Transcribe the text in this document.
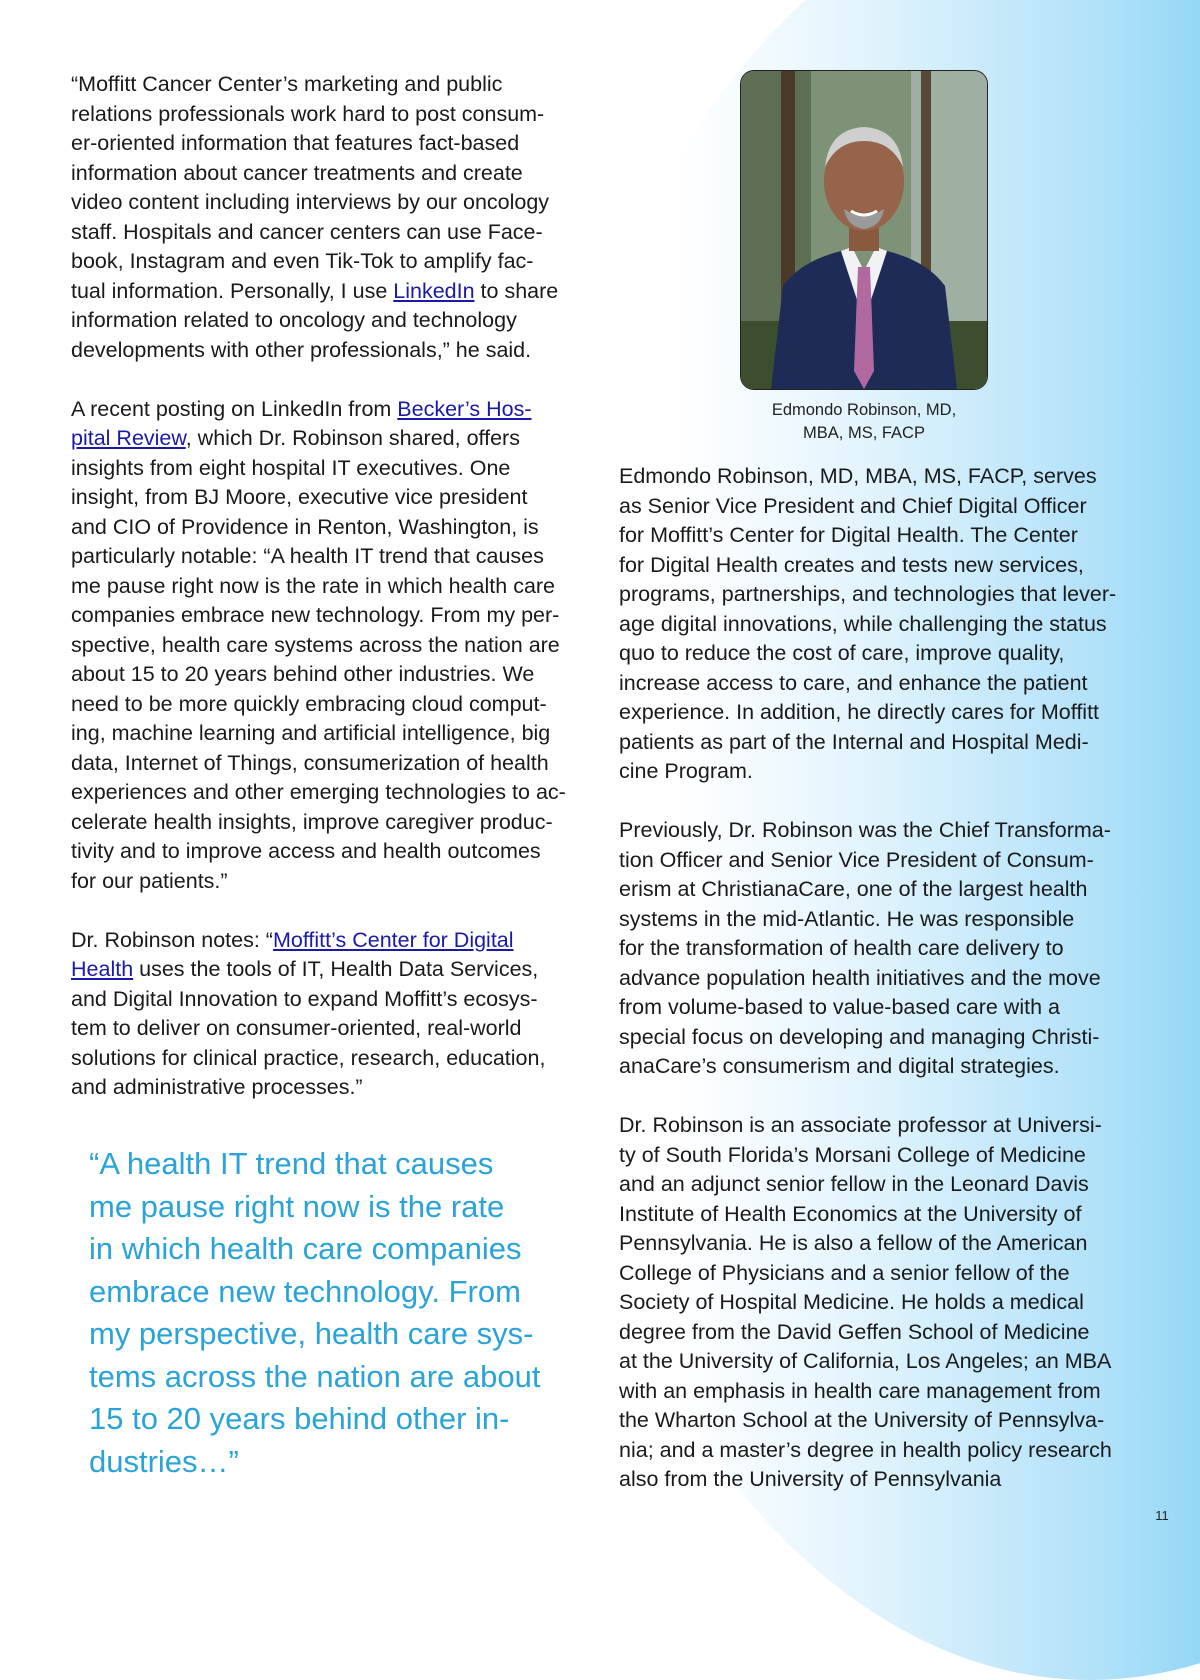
“Moffitt Cancer Center’s marketing and public
relations professionals work hard to post consum-
er-oriented information that features fact-based
information about cancer treatments and create
video content including interviews by our oncology
staff. Hospitals and cancer centers can use Face-
book, Instagram and even Tik-Tok to amplify fac-
tual information. Personally, I use LinkedIn to share
information related to oncology and technology
developments with other professionals,” he said.

A recent posting on LinkedIn from Becker’s Hos-
pital Review, which Dr. Robinson shared, offers
insights from eight hospital IT executives. One
insight, from BJ Moore, executive vice president
and CIO of Providence in Renton, Washington, is
particularly notable: “A health IT trend that causes
me pause right now is the rate in which health care
companies embrace new technology. From my per-
spective, health care systems across the nation are
about 15 to 20 years behind other industries. We
need to be more quickly embracing cloud comput-
ing, machine learning and artificial intelligence, big
data, Internet of Things, consumerization of health
experiences and other emerging technologies to ac-
celerate health insights, improve caregiver produc-
tivity and to improve access and health outcomes
for our patients.”

Dr. Robinson notes: “Moffitt’s Center for Digital
Health uses the tools of IT, Health Data Services,
and Digital Innovation to expand Moffitt’s ecosys-
tem to deliver on consumer-oriented, real-world
solutions for clinical practice, research, education,
and administrative processes.”

“A health IT trend that causes
me pause right now is the rate
in which health care companies
embrace new technology. From
my perspective, health care sys-
tems across the nation are about
15 to 20 years behind other in-
dustries…”

Edmondo Robinson, MD,
MBA, MS, FACP

Edmondo Robinson, MD, MBA, MS, FACP, serves
as Senior Vice President and Chief Digital Officer
for Moffitt’s Center for Digital Health. The Center
for Digital Health creates and tests new services,
programs, partnerships, and technologies that lever-
age digital innovations, while challenging the status
quo to reduce the cost of care, improve quality,
increase access to care, and enhance the patient
experience. In addition, he directly cares for Moffitt
patients as part of the Internal and Hospital Medi-
cine Program.

Previously, Dr. Robinson was the Chief Transforma-
tion Officer and Senior Vice President of Consum-
erism at ChristianaCare, one of the largest health
systems in the mid-Atlantic. He was responsible
for the transformation of health care delivery to
advance population health initiatives and the move
from volume-based to value-based care with a
special focus on developing and managing Christi-
anaCare’s consumerism and digital strategies.

Dr. Robinson is an associate professor at Universi-
ty of South Florida’s Morsani College of Medicine
and an adjunct senior fellow in the Leonard Davis
Institute of Health Economics at the University of
Pennsylvania. He is also a fellow of the American
College of Physicians and a senior fellow of the
Society of Hospital Medicine. He holds a medical
degree from the David Geffen School of Medicine
at the University of California, Los Angeles; an MBA
with an emphasis in health care management from
the Wharton School at the University of Pennsylva-
nia; and a master’s degree in health policy research
also from the University of Pennsylvania

11
